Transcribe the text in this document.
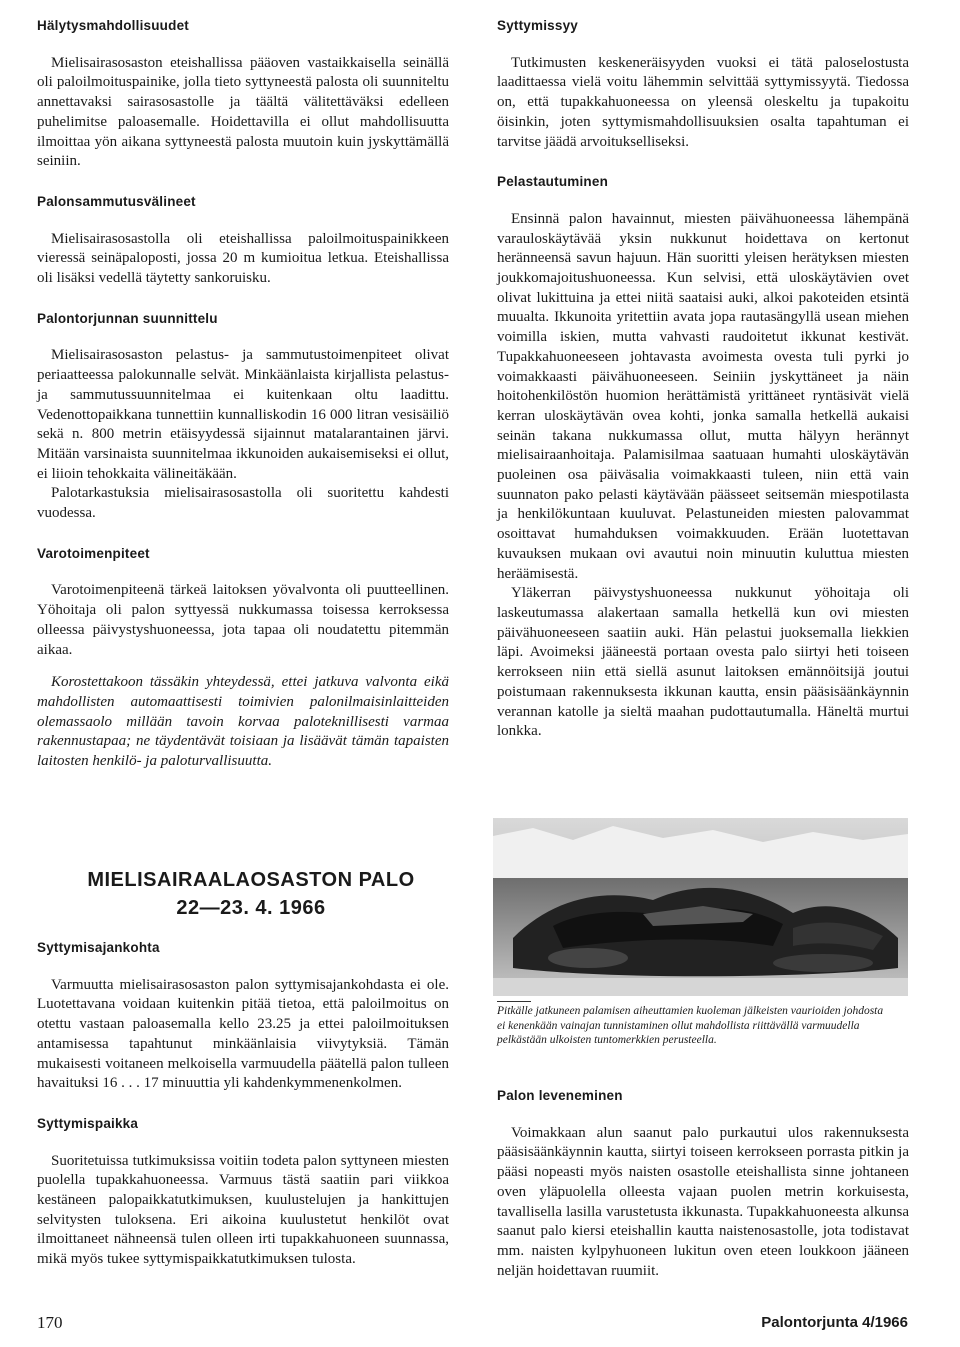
Hälytysmahdollisuudet

Mielisairasosaston eteishallissa pääoven vastaikkaisella seinällä oli paloilmoituspainike, jolla tieto syttyneestä palosta oli suunniteltu annettavaksi sairasosastolle ja täältä välitettäväksi edelleen puhelimitse paloasemalle. Hoidettavilla ei ollut mahdollisuutta ilmoittaa yön aikana syttyneestä palosta muutoin kuin jyskyttämällä seiniin.

Palonsammutusvälineet

Mielisairasosastolla oli eteishallissa paloilmoituspainikkeen vieressä seinäpaloposti, jossa 20 m kumioitua letkua. Eteishallissa oli lisäksi vedellä täytetty sankoruisku.

Palontorjunnan suunnittelu

Mielisairasosaston pelastus- ja sammutustoimenpiteet olivat periaatteessa palokunnalle selvät. Minkäänlaista kirjallista pelastus- ja sammutussuunnitelmaa ei kuitenkaan oltu laadittu. Vedenottopaikkana tunnettiin kunnalliskodin 16 000 litran vesisäiliö sekä n. 800 metrin etäisyydessä sijainnut matalarantainen järvi. Mitään varsinaista suunnitelmaa ikkunoiden aukaisemiseksi ei ollut, ei liioin tehokkaita välineitäkään.

Palotarkastuksia mielisairasosastolla oli suoritettu kahdesti vuodessa.

Varotoimenpiteet

Varotoimenpiteenä tärkeä laitoksen yövalvonta oli puutteellinen. Yöhoitaja oli palon syttyessä nukkumassa toisessa kerroksessa olleessa päivystyshuoneessa, jota tapaa oli noudatettu pitemmän aikaa.

Korostettakoon tässäkin yhteydessä, ettei jatkuva valvonta eikä mahdollisten automaattisesti toimivien palonilmaisinlaitteiden olemassaolo millään tavoin korvaa paloteknillisesti varmaa rakennustapaa; ne täydentävät toisiaan ja lisäävät tämän tapaisten laitosten henkilö- ja paloturvallisuutta.

MIELISAIRAALAOSASTON PALO
22—23. 4. 1966
Syttymisajankohta

Varmuutta mielisairasosaston palon syttymisajankohdasta ei ole. Luotettavana voidaan kuitenkin pitää tietoa, että paloilmoitus on otettu vastaan paloasemalla kello 23.25 ja ettei paloilmoituksen antamisessa tapahtunut minkäänlaisia viivytyksiä. Tämän mukaisesti voitaneen melkoisella varmuudella päätellä palon tulleen havaituksi 16 . . . 17 minuuttia yli kahdenkymmenenkolmen.

Syttymispaikka

Suoritetuissa tutkimuksissa voitiin todeta palon syttyneen miesten puolella tupakkahuoneessa. Varmuus tästä saatiin pari viikkoa kestäneen palopaikkatutkimuksen, kuulustelujen ja hankittujen selvitysten tuloksena. Eri aikoina kuulustetut henkilöt ovat ilmoittaneet nähneensä tulen olleen irti tupakkahuoneen suunnassa, mikä myös tukee syttymispaikkatutkimuksen tulosta.

Syttymissyy

Tutkimusten keskeneräisyyden vuoksi ei tätä paloselostusta laadittaessa vielä voitu lähemmin selvittää syttymissyytä. Tiedossa on, että tupakkahuoneessa on yleensä oleskeltu ja tupakoitu öisinkin, joten syttymismahdollisuuksien osalta tapahtuman ei tarvitse jäädä arvoitukselliseksi.

Pelastautuminen

Ensinnä palon havainnut, miesten päivähuoneessa lähempänä varauloskäytävää yksin nukkunut hoidettava on kertonut heränneensä savun hajuun. Hän suoritti yleisen herätyksen miesten joukkomajoitushuoneessa. Kun selvisi, että uloskäytävien ovet olivat lukittuina ja ettei niitä saataisi auki, alkoi pakoteiden etsintä muualta. Ikkunoita yritettiin avata jopa rautasängyllä usean miehen voimilla iskien, mutta vahvasti raudoitetut ikkunat kestivät. Tupakkahuoneeseen johtavasta avoimesta ovesta tuli pyrki jo voimakkaasti päivähuoneeseen. Seiniin jyskyttäneet ja näin hoitohenkilöstön huomion herättämistä yrittäneet ryntäsivät vielä kerran uloskäytävän ovea kohti, jonka samalla hetkellä aukaisi seinän takana nukkumassa ollut, mutta hälyyn herännyt mielisairaanhoitaja. Palamisilmaa saatuaan humahti uloskäytävän puoleinen osa päiväsalia voimakkaasti tuleen, niin että vain suunnaton pako pelasti käytävään päässeet seitsemän miespotilasta ja henkilökuntaan kuuluvat. Pelastuneiden miesten palovammat osoittavat humahduksen voimakkuuden. Erään luotettavan kuvauksen mukaan ovi avautui noin minuutin kuluttua miesten heräämisestä.

Yläkerran päivystyshuoneessa nukkunut yöhoitaja oli laskeutumassa alakertaan samalla hetkellä kun ovi miesten päivähuoneeseen saatiin auki. Hän pelastui juoksemalla liekkien läpi. Avoimeksi jääneestä portaan ovesta palo siirtyi heti toiseen kerrokseen niin että siellä asunut laitoksen emännöitsijä joutui poistumaan rakennuksesta ikkunan kautta, ensin pääsisäänkäynnin verannan katolle ja sieltä maahan pudottautumalla. Häneltä murtui lonkka.

Pitkälle jatkuneen palamisen aiheuttamien kuoleman jälkeisten vaurioiden johdosta ei kenenkään vainajan tunnistaminen ollut mahdollista riittävällä varmuudella pelkästään ulkoisten tuntomerkkien perusteella.
Palon leveneminen

Voimakkaan alun saanut palo purkautui ulos rakennuksesta pääsisäänkäynnin kautta, siirtyi toiseen kerrokseen porrasta pitkin ja pääsi nopeasti myös naisten osastolle eteishallista sinne johtaneen oven yläpuolella olleesta vajaan puolen metrin korkuisesta, tavallisella lasilla varustetusta ikkunasta. Tupakkahuoneesta alkunsa saanut palo kiersi eteishallin kautta naistenosastolle, jota todistavat mm. naisten kylpyhuoneen lukitun oven eteen loukkoon jääneen neljän hoidettavan ruumiit.

170	Palontorjunta 4/1966
